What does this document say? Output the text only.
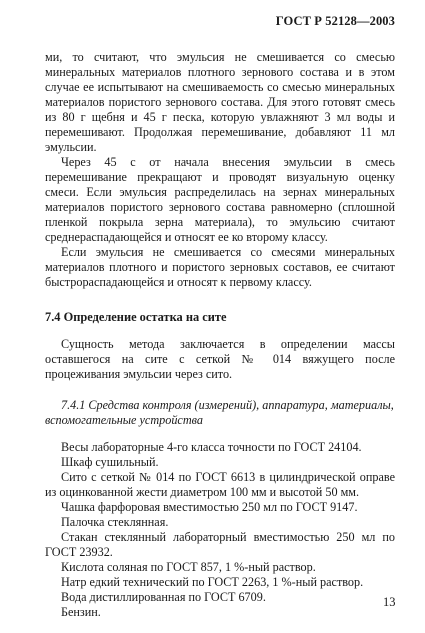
ГОСТ Р 52128—2003

ми, то считают, что эмульсия не смешивается со смесью минеральных материалов плотного зернового состава и в этом случае ее испытывают на смешиваемость со смесью минеральных материалов пористого зернового состава. Для этого готовят смесь из 80 г щебня и 45 г песка, которую увлажняют 3 мл воды и перемешивают. Продолжая перемешивание, добавляют 11 мл эмульсии.

Через 45 с от начала внесения эмульсии в смесь перемешивание прекращают и проводят визуальную оценку смеси. Если эмульсия распределилась на зернах минеральных материалов пористого зернового состава равномерно (сплошной пленкой покрыла зерна материала), то эмульсию считают среднераспадающейся и относят ее ко второму классу.

Если эмульсия не смешивается со смесями минеральных материалов плотного и пористого зерновых составов, ее считают быстрораспадающейся и относят к первому классу.

7.4 Определение остатка на сите

Сущность метода заключается в определении массы оставшегося на сите с сеткой № 014 вяжущего после процеживания эмульсии через сито.

7.4.1 Средства контроля (измерений), аппаратура, материалы, вспомогательные устройства

Весы лабораторные 4-го класса точности по ГОСТ 24104.

Шкаф сушильный.

Сито с сеткой № 014 по ГОСТ 6613 в цилиндрической оправе из оцинкованной жести диаметром 100 мм и высотой 50 мм.

Чашка фарфоровая вместимостью 250 мл по ГОСТ 9147.

Палочка стеклянная.

Стакан стеклянный лабораторный вместимостью 250 мл по ГОСТ 23932.

Кислота соляная по ГОСТ 857, 1 %-ный раствор.

Натр едкий технический по ГОСТ 2263, 1 %-ный раствор.

Вода дистиллированная по ГОСТ 6709.

Бензин.

13
